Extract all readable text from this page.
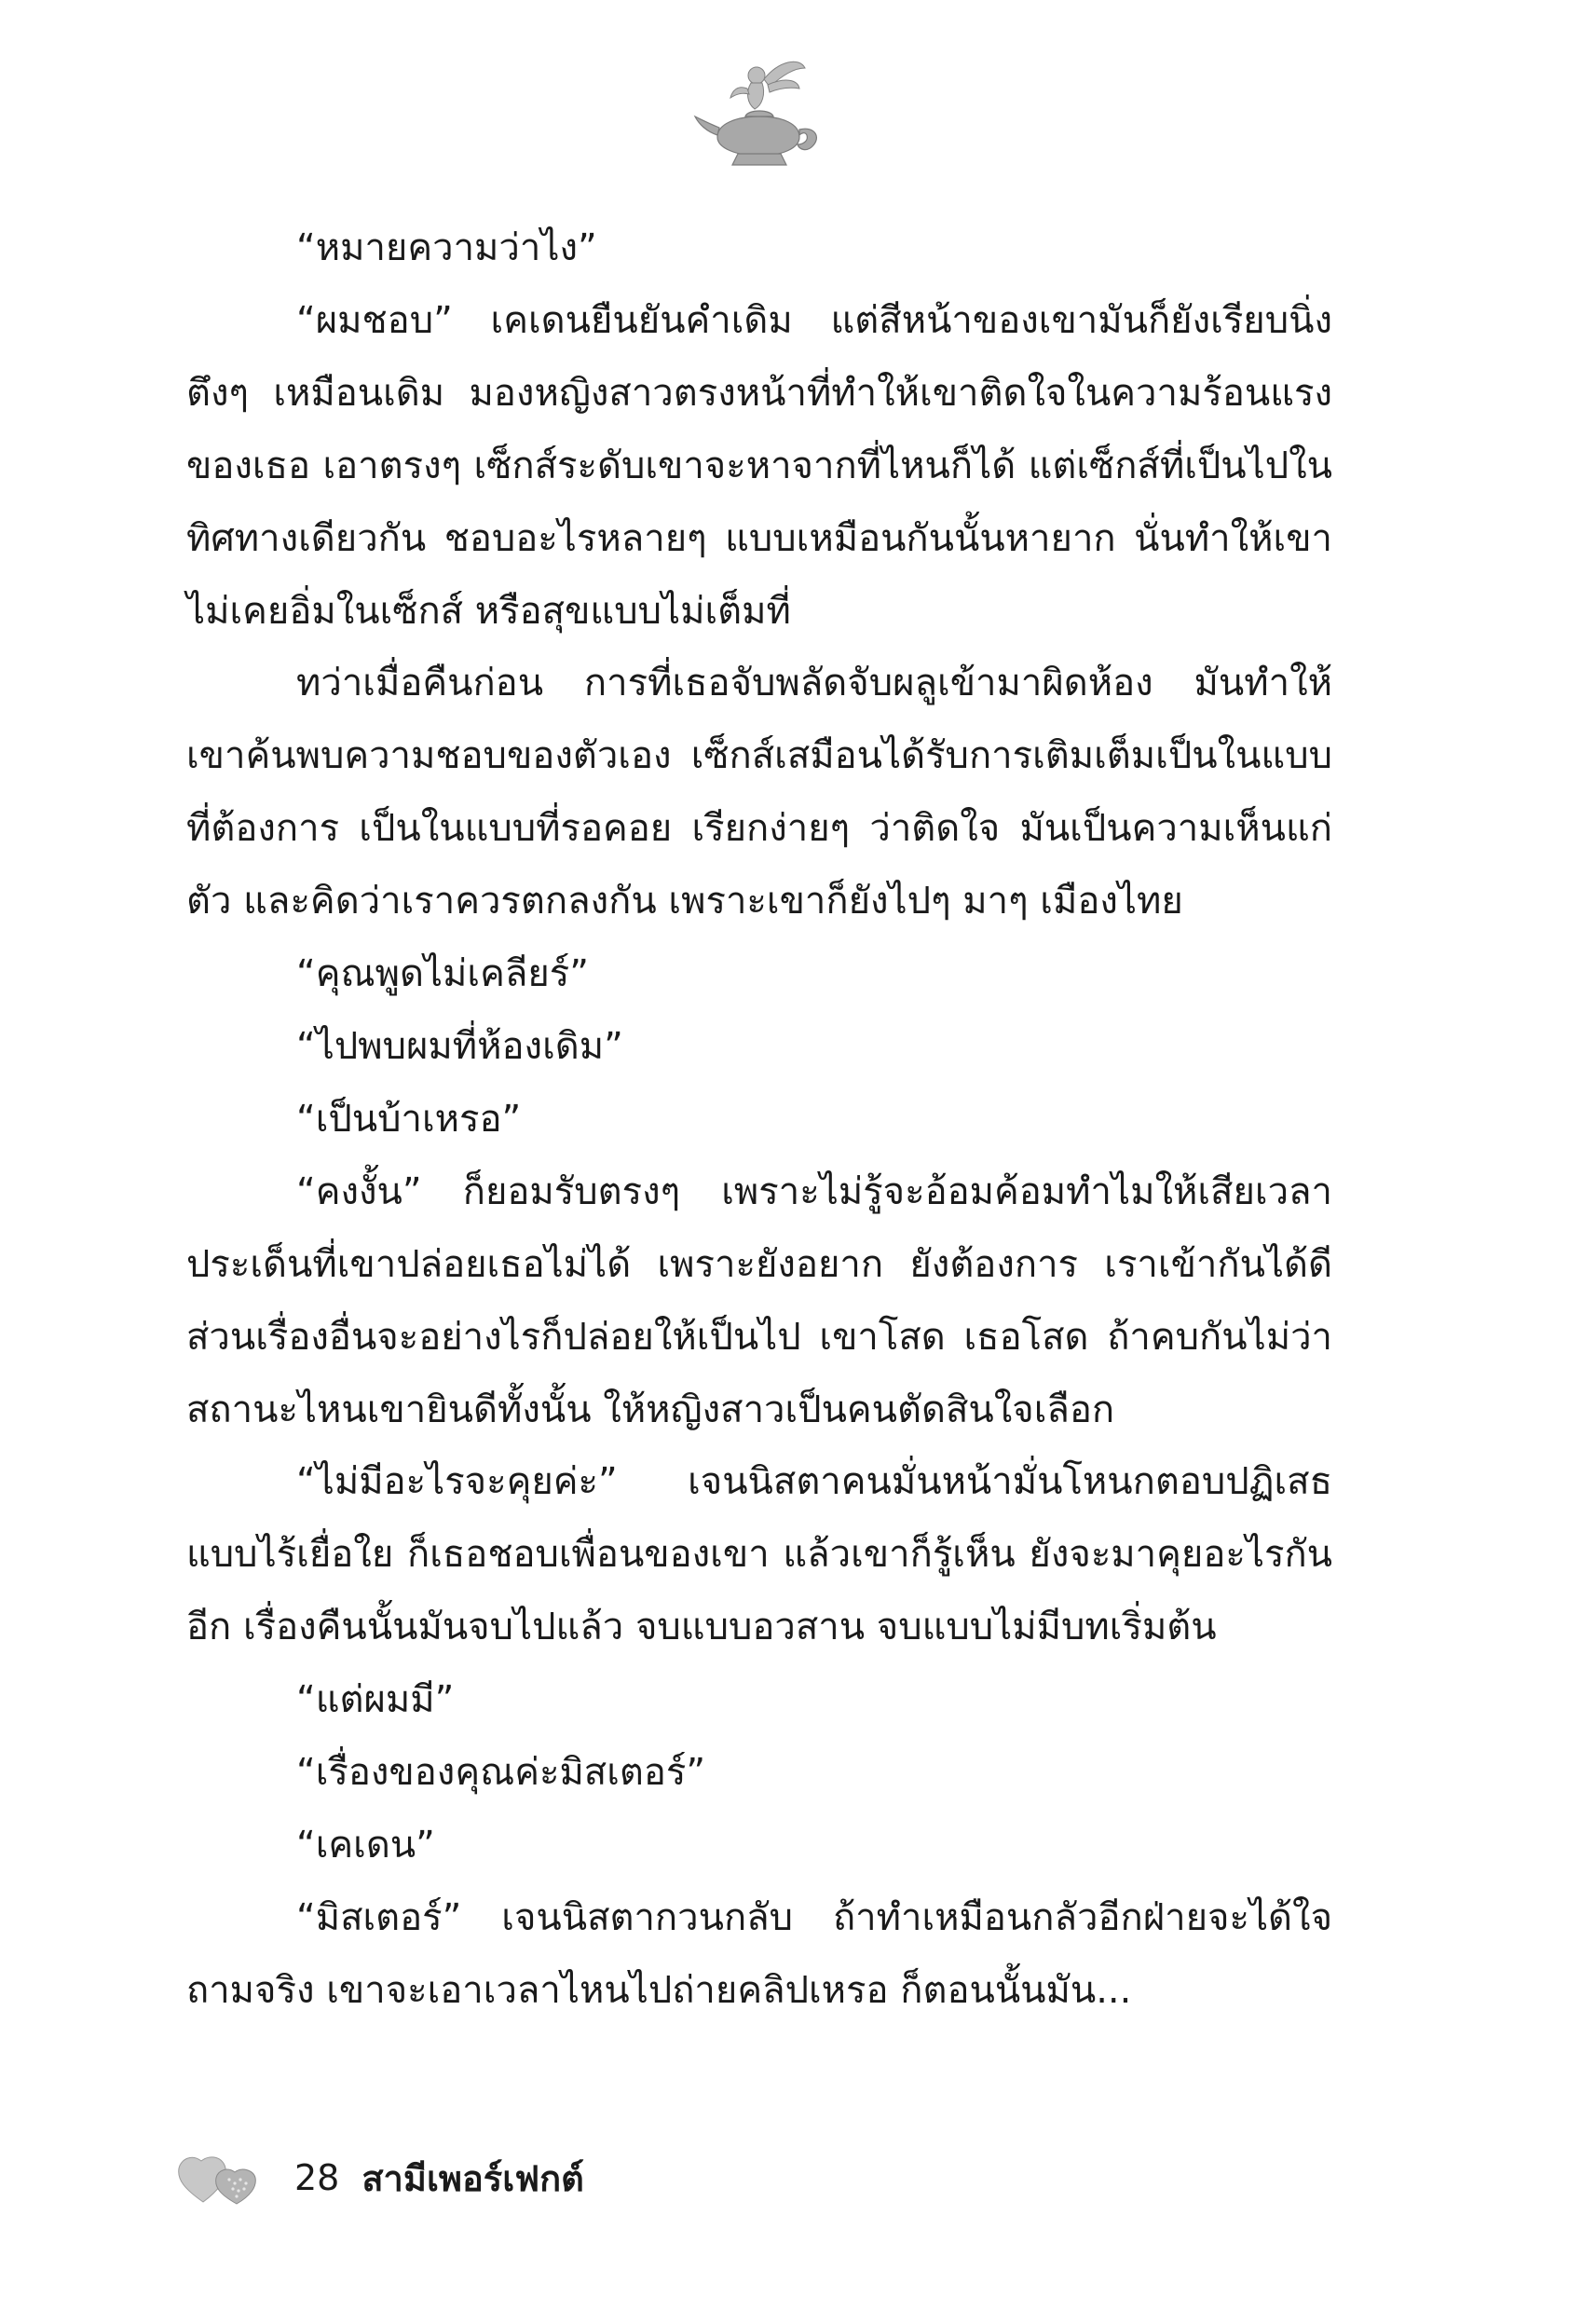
“หมายความว่าไง”

“ผมชอบ” เคเดนยืนยันคำเดิม แต่สีหน้าของเขามันก็ยังเรียบนิ่งตึงๆ เหมือนเดิม มองหญิงสาวตรงหน้าที่ทำให้เขาติดใจในความร้อนแรงของเธอ เอาตรงๆ เซ็กส์ระดับเขาจะหาจากที่ไหนก็ได้ แต่เซ็กส์ที่เป็นไปในทิศทางเดียวกัน ชอบอะไรหลายๆ แบบเหมือนกันนั้นหายาก นั่นทำให้เขาไม่เคยอิ่มในเซ็กส์ หรือสุขแบบไม่เต็มที่

ทว่าเมื่อคืนก่อน การที่เธอจับพลัดจับผลูเข้ามาผิดห้อง มันทำให้เขาค้นพบความชอบของตัวเอง เซ็กส์เสมือนได้รับการเติมเต็มเป็นในแบบที่ต้องการ เป็นในแบบที่รอคอย เรียกง่ายๆ ว่าติดใจ มันเป็นความเห็นแก่ตัว และคิดว่าเราควรตกลงกัน เพราะเขาก็ยังไปๆ มาๆ เมืองไทย

“คุณพูดไม่เคลียร์”

“ไปพบผมที่ห้องเดิม”

“เป็นบ้าเหรอ”

“คงงั้น” ก็ยอมรับตรงๆ เพราะไม่รู้จะอ้อมค้อมทำไมให้เสียเวลา ประเด็นที่เขาปล่อยเธอไม่ได้ เพราะยังอยาก ยังต้องการ เราเข้ากันได้ดี ส่วนเรื่องอื่นจะอย่างไรก็ปล่อยให้เป็นไป เขาโสด เธอโสด ถ้าคบกันไม่ว่าสถานะไหนเขายินดีทั้งนั้น ให้หญิงสาวเป็นคนตัดสินใจเลือก

“ไม่มีอะไรจะคุยค่ะ” เจนนิสตาคนมั่นหน้ามั่นโหนกตอบปฏิเสธแบบไร้เยื่อใย ก็เธอชอบเพื่อนของเขา แล้วเขาก็รู้เห็น ยังจะมาคุยอะไรกันอีก เรื่องคืนนั้นมันจบไปแล้ว จบแบบอวสาน จบแบบไม่มีบทเริ่มต้น

“แต่ผมมี”

“เรื่องของคุณค่ะมิสเตอร์”

“เคเดน”

“มิสเตอร์” เจนนิสตากวนกลับ ถ้าทำเหมือนกลัวอีกฝ่ายจะได้ใจถามจริง เขาจะเอาเวลาไหนไปถ่ายคลิปเหรอ ก็ตอนนั้นมัน...

28 สามีเพอร์เฟกต์
